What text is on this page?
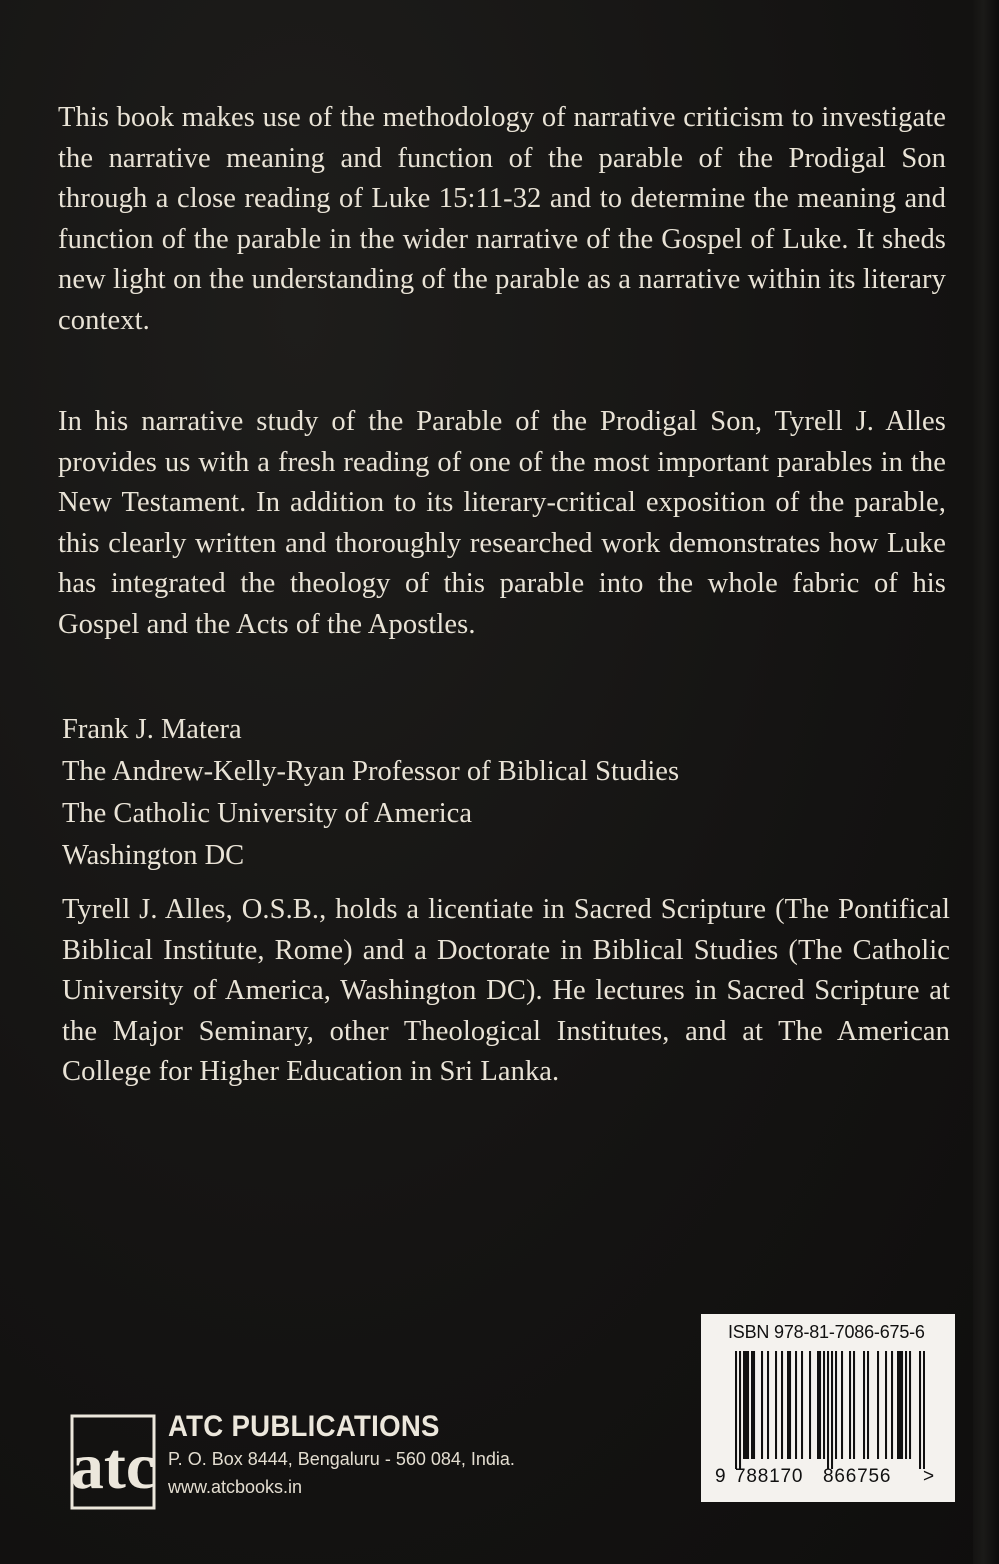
This book makes use of the methodology of narrative criticism to investigate the narrative meaning and function of the parable of the Prodigal Son through a close reading of Luke 15:11-32 and to determine the meaning and function of the parable in the wider narrative of the Gospel of Luke. It sheds new light on the understanding of the parable as a narrative within its literary context.

In his narrative study of the Parable of the Prodigal Son, Tyrell J. Alles provides us with a fresh reading of one of the most important parables in the New Testament. In addition to its literary-critical exposition of the parable, this clearly written and thoroughly researched work demonstrates how Luke has integrated the theology of this parable into the whole fabric of his Gospel and the Acts of the Apostles.

Frank J. Matera
The Andrew-Kelly-Ryan Professor of Biblical Studies
The Catholic University of America
Washington DC

Tyrell J. Alles, O.S.B., holds a licentiate in Sacred Scripture (The Pontifical Biblical Institute, Rome) and a Doctorate in Biblical Studies (The Catholic University of America, Washington DC). He lectures in Sacred Scripture at the Major Seminary, other Theological Institutes, and at The American College for Higher Education in Sri Lanka.

ISBN 978-81-7086-675-6
9 788170 866756 >
atc
ATC PUBLICATIONS
P. O. Box 8444, Bengaluru - 560 084, India.
www.atcbooks.in
